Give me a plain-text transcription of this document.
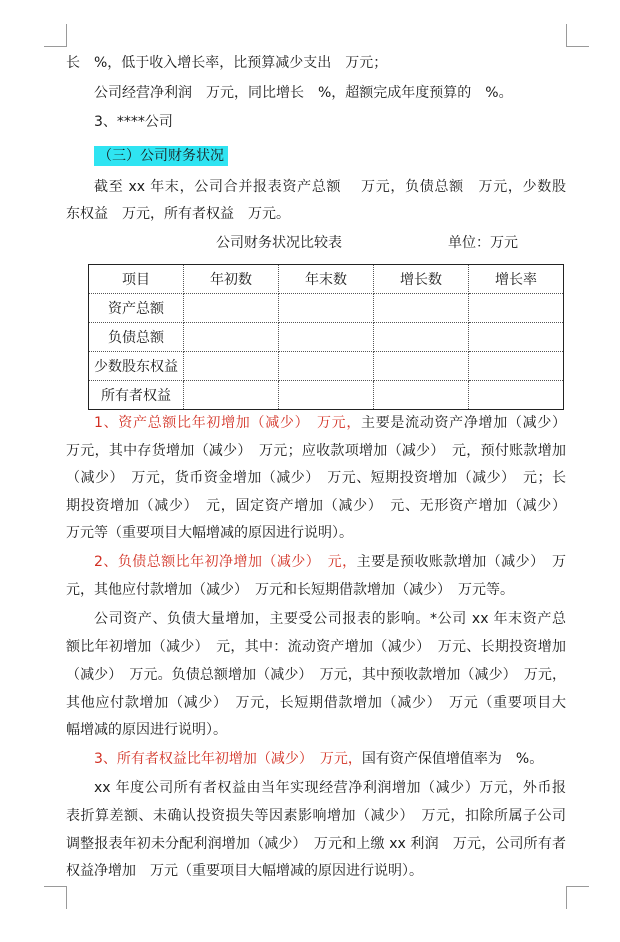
长　%，低于收入增长率，比预算减少支出　万元；

公司经营净利润　万元，同比增长　%，超额完成年度预算的　%。

3、****公司

（三）公司财务状况

截至 xx 年末，公司合并报表资产总额　 万元，负债总额　万元，少数股

东权益　万元，所有者权益　万元。

公司财务状况比较表	单位：万元

项目	年初数	年末数	增长数	增长率
资产总额				
负债总额				
少数股东权益				
所有者权益				

1、资产总额比年初增加（减少）　万元，主要是流动资产净增加（减少）

万元，其中存货增加（减少）　万元；应收款项增加（减少）　元，预付账款增加

（减少）　万元，货币资金增加（减少）　万元、短期投资增加（减少）　元；长

期投资增加（减少）　元，固定资产增加（减少）　元、无形资产增加（减少）

万元等（重要项目大幅增减的原因进行说明）。

2、负债总额比年初净增加（减少）　元，主要是预收账款增加（减少）　万

元，其他应付款增加（减少）　万元和长短期借款增加（减少）　万元等。

公司资产、负债大量增加，主要受公司报表的影响。*公司 xx 年末资产总

额比年初增加（减少）　元，其中：流动资产增加（减少）　万元、长期投资增加

（减少）　万元。负债总额增加（减少）　万元，其中预收款增加（减少）　万元，

其他应付款增加（减少）　万元，长短期借款增加（减少）　万元（重要项目大

幅增减的原因进行说明）。

3、所有者权益比年初增加（减少）　万元，国有资产保值增值率为　%。

xx 年度公司所有者权益由当年实现经营净利润增加（减少）万元，外币报

表折算差额、未确认投资损失等因素影响增加（减少）　万元，扣除所属子公司

调整报表年初未分配利润增加（减少）　万元和上缴 xx 利润　万元，公司所有者

权益净增加　万元（重要项目大幅增减的原因进行说明）。
